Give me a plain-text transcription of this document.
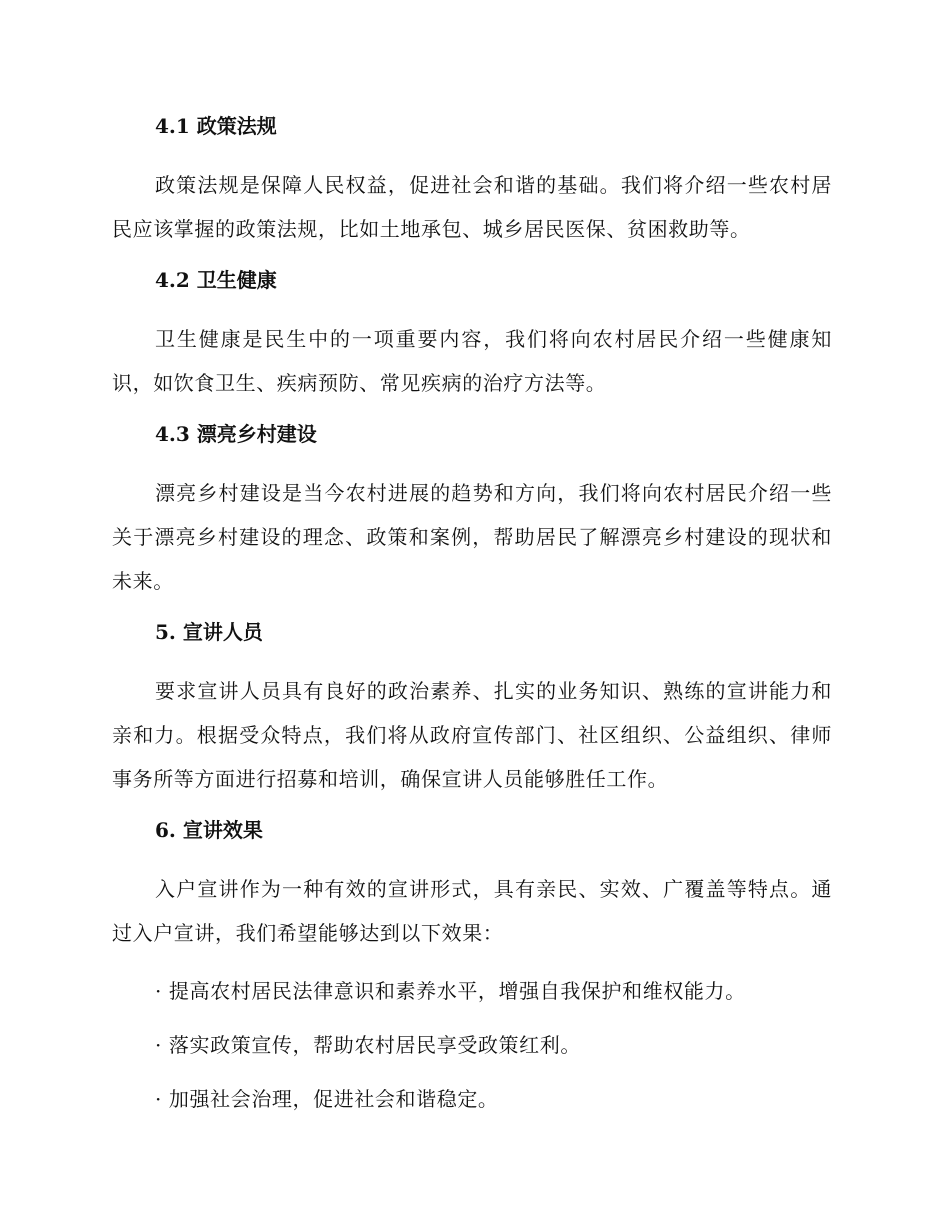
4.1 政策法规
政策法规是保障人民权益，促进社会和谐的基础。我们将介绍一些农村居民应该掌握的政策法规，比如土地承包、城乡居民医保、贫困救助等。
4.2 卫生健康
卫生健康是民生中的一项重要内容，我们将向农村居民介绍一些健康知识，如饮食卫生、疾病预防、常见疾病的治疗方法等。
4.3 漂亮乡村建设
漂亮乡村建设是当今农村进展的趋势和方向，我们将向农村居民介绍一些关于漂亮乡村建设的理念、政策和案例，帮助居民了解漂亮乡村建设的现状和未来。
5. 宣讲人员
要求宣讲人员具有良好的政治素养、扎实的业务知识、熟练的宣讲能力和亲和力。根据受众特点，我们将从政府宣传部门、社区组织、公益组织、律师事务所等方面进行招募和培训，确保宣讲人员能够胜任工作。
6. 宣讲效果
入户宣讲作为一种有效的宣讲形式，具有亲民、实效、广覆盖等特点。通过入户宣讲，我们希望能够达到以下效果：
· 提高农村居民法律意识和素养水平，增强自我保护和维权能力。
· 落实政策宣传，帮助农村居民享受政策红利。
· 加强社会治理，促进社会和谐稳定。
